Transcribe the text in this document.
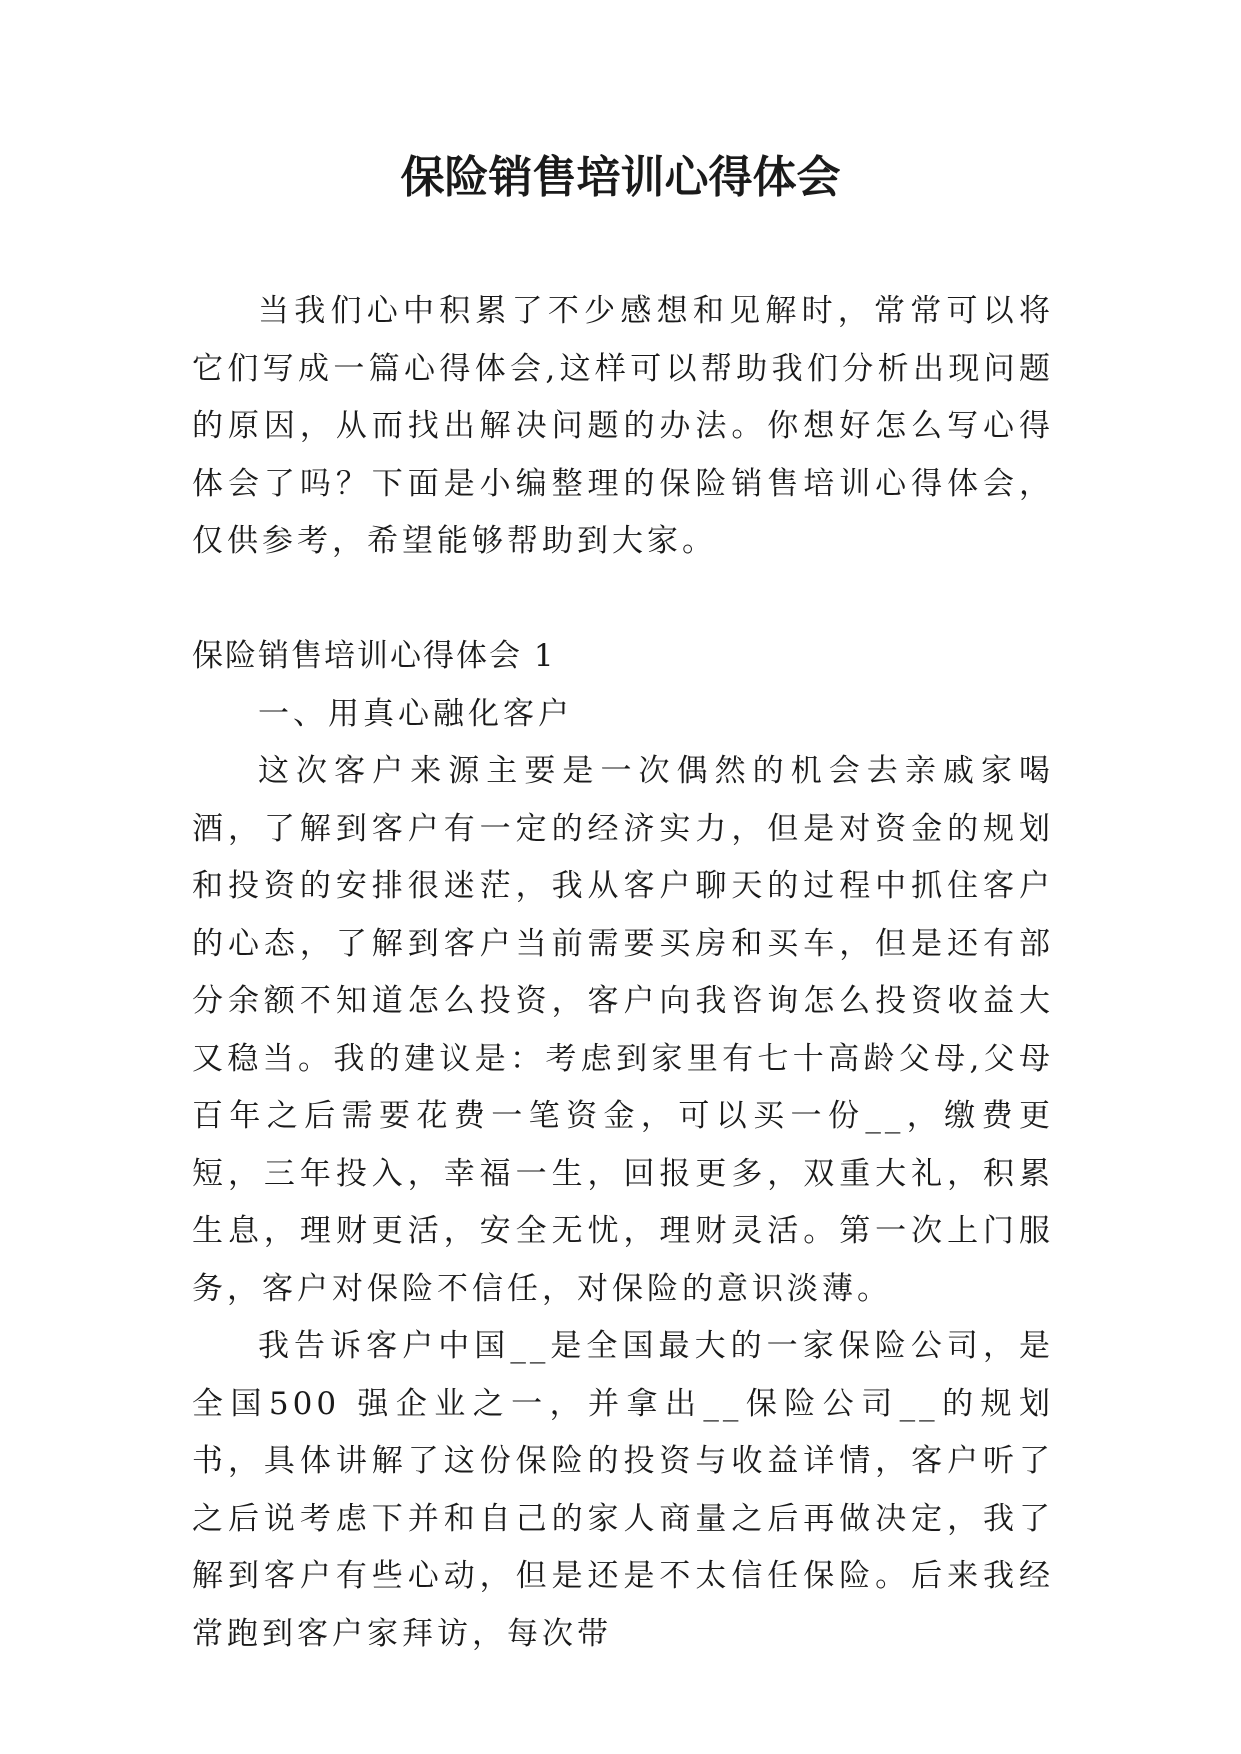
保险销售培训心得体会

当我们心中积累了不少感想和见解时，常常可以将它们写成一篇心得体会,这样可以帮助我们分析出现问题的原因，从而找出解决问题的办法。你想好怎么写心得体会了吗？下面是小编整理的保险销售培训心得体会，仅供参考，希望能够帮助到大家。

保险销售培训心得体会 1

一、用真心融化客户

这次客户来源主要是一次偶然的机会去亲戚家喝酒，了解到客户有一定的经济实力，但是对资金的规划和投资的安排很迷茫，我从客户聊天的过程中抓住客户的心态，了解到客户当前需要买房和买车，但是还有部分余额不知道怎么投资，客户向我咨询怎么投资收益大又稳当。我的建议是：考虑到家里有七十高龄父母,父母百年之后需要花费一笔资金，可以买一份__，缴费更短，三年投入，幸福一生，回报更多，双重大礼，积累生息，理财更活，安全无忧，理财灵活。第一次上门服务，客户对保险不信任，对保险的意识淡薄。

我告诉客户中国__是全国最大的一家保险公司，是全国500 强企业之一，并拿出__保险公司__的规划书，具体讲解了这份保险的投资与收益详情，客户听了之后说考虑下并和自己的家人商量之后再做决定，我了解到客户有些心动，但是还是不太信任保险。后来我经常跑到客户家拜访，每次带
